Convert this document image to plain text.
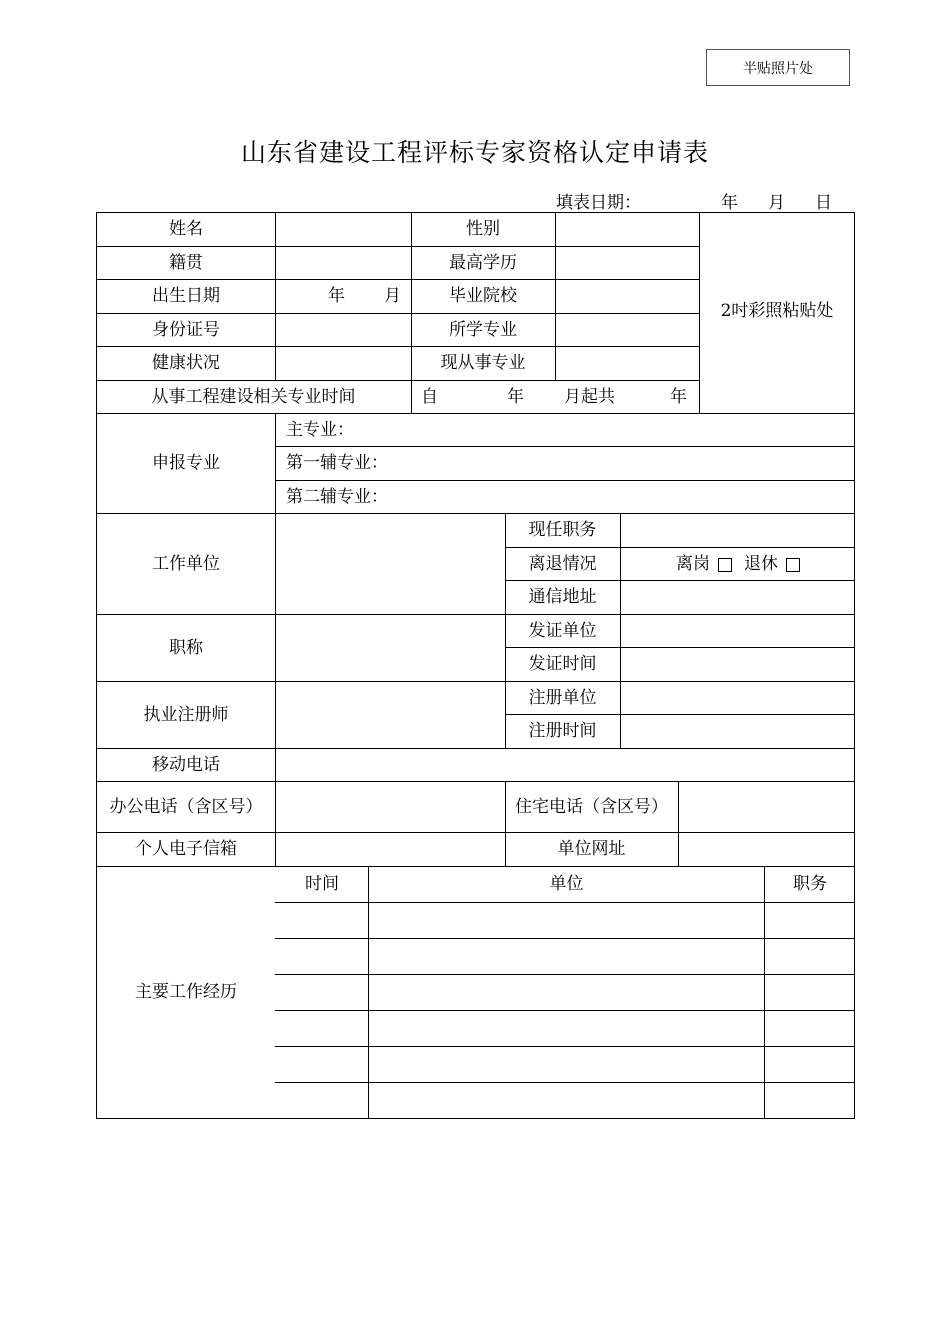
半贴照片处
山东省建设工程评标专家资格认定申请表
填表日期：	年 月 日
姓名	性别
2吋彩照粘贴处
籍贯	最高学历
出生日期	年 月	毕业院校
身份证号	所学专业
健康状况	现从事专业
从事工程建设相关专业时间	自	年 月起共	年
申报专业
主专业：
第一辅专业：
第二辅专业：
工作单位
现任职务
离退情况	离岗 退休
通信地址
职称
发证单位
发证时间
执业注册师
注册单位
注册时间
移动电话
办公电话（含区号）	住宅电话（含区号）
个人电子信箱	单位网址
主要工作经历
时间	单位	职务
